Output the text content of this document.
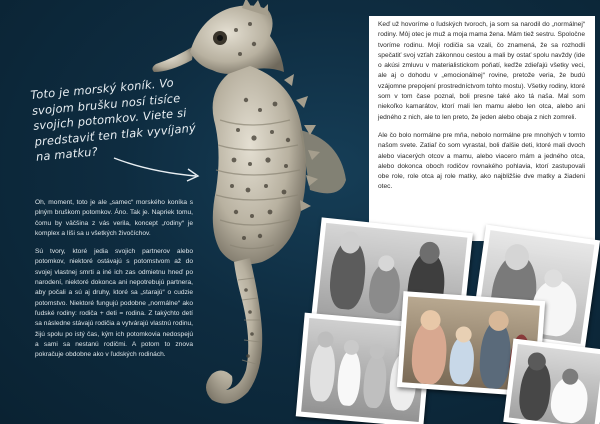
Toto je morský koník. Vo svojom brušku nosí tisíce svojich potomkov. Viete si predstaviť ten tlak vyvíjaný na matku?

Oh, moment, toto je ale „samec“ morského koníka s plným bruškom potomkov. Áno. Tak je. Napriek tomu, čomu by väčšina z vás verila, koncept „rodiny“ je komplex a líši sa u všetkých živočíchov.

Sú tvory, ktoré jedia svojich partnerov alebo potomkov, niektoré ostávajú s potomstvom až do svojej vlastnej smrti a iné ich zas odmietnu hneď po narodení, niektoré dokonca ani nepotrebujú partnera, aby počali a sú aj druhy, ktoré sa „starajú“ o cudzie potomstvo. Niektoré fungujú podobne „normálne“ ako ľudské rodiny: rodiča + deti = rodina. Z takýchto detí sa následne stávajú rodičia a vytvárajú vlastnú rodinu, žijú spolu po istý čas, kým ich potomkovia nedospejú a sami sa nestanú rodičmi. A potom to znova pokračuje obdobne ako v ľudských rodinách.

Keď už hovoríme o ľudských tvoroch, ja som sa narodil do „normálnej“ rodiny. Môj otec je muž a moja mama žena. Mám tiež sestru. Spoločne tvoríme rodinu. Moji rodičia sa vzali, čo znamená, že sa rozhodli spečatiť svoj vzťah zákonnou cestou a mali by ostať spolu navždy (ide o akúsi zmluvu v materialistickom poňatí, keďže zdieľajú všetky veci, ale aj o dohodu v „emocionálnej“ rovine, pretože veria, že budú vzájomne prepojení prostredníctvom tohto mostu). Všetky rodiny, ktoré som v tom čase poznal, boli presne také ako tá naša. Mal som niekoľko kamarátov, ktorí mali len mamu alebo len otca, alebo ani jedného z nich, ale to len preto, že jeden alebo obaja z nich zomreli.

Ale čo bolo normálne pre mňa, nebolo normálne pre mnohých v tomto našom svete. Zatiaľ čo som vyrastal, boli ďalšie deti, ktoré mali dvoch alebo viacerých otcov a mamu, alebo viacero mám a jedného otca, alebo dokonca oboch rodičov rovnakého pohlavia, ktorí zastupovali obe role, role otca aj role matky, ako najbližšie dve matky a žiadeni otec.
